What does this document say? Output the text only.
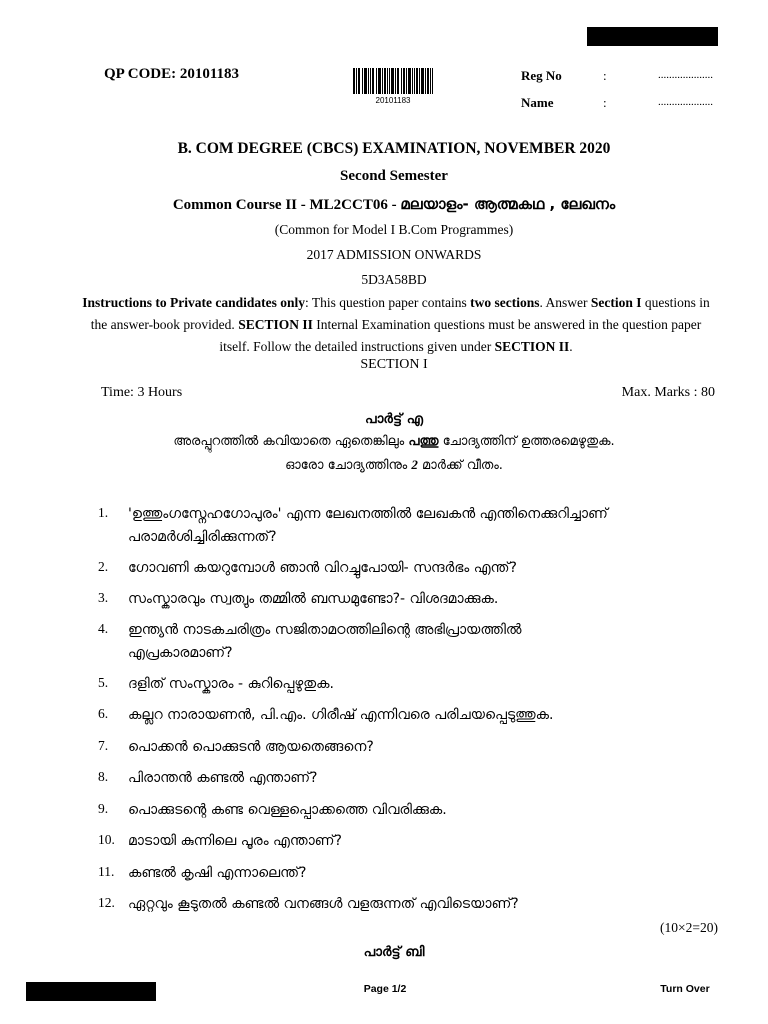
QP CODE: 20101183
20101183
Reg No	:	....................
Name	:	....................
B. COM DEGREE (CBCS) EXAMINATION, NOVEMBER 2020
Second Semester
Common Course II - ML2CCT06 - മലയാളം- ആത്മകഥ , ലേഖനം
(Common for Model I B.Com Programmes)
2017 ADMISSION ONWARDS
5D3A58BD
Instructions to Private candidates only: This question paper contains two sections. Answer Section I questions in the answer-book provided. SECTION II Internal Examination questions must be answered in the question paper itself. Follow the detailed instructions given under SECTION II.
SECTION I
Time: 3 Hours	Max. Marks : 80
പാർട്ട് എ
അരപ്പുറത്തിൽ കവിയാതെ ഏതെങ്കിലും പത്തു ചോദ്യത്തിന് ഉത്തരമെഴുതുക.
ഓരോ ചോദ്യത്തിനും 2 മാർക്ക് വീതം.
1.	'ഉത്തുംഗസ്നേഹഗോപുരം' എന്ന ലേഖനത്തിൽ ലേഖകൻ എന്തിനെക്കുറിച്ചാണ് പരാമർശിച്ചിരിക്കുന്നത്?
2.	ഗോവണി കയറുമ്പോൾ ഞാൻ വിറച്ചുപോയി- സന്ദർഭം എന്ത്?
3.	സംസ്കാരവും സ്വത്വും തമ്മിൽ ബന്ധമുണ്ടോ?- വിശദമാക്കുക.
4.	ഇന്ത്യൻ നാടകചരിത്രം സജിതാമഠത്തിലിന്റെ അഭിപ്രായത്തിൽ എപ്രകാരമാണ്?
5.	ദളിത് സംസ്കാരം - കുറിപ്പെഴുതുക.
6.	കല്ലറ നാരായണൻ, പി.എം. ഗിരീഷ് എന്നിവരെ പരിചയപ്പെടുത്തുക.
7.	പൊക്കൻ പൊക്കുടൻ ആയതെങ്ങനെ?
8.	പിരാന്തൻ കണ്ടൽ എന്താണ്?
9.	പൊക്കുടന്റെ കണ്ട വെള്ളപ്പൊക്കത്തെ വിവരിക്കുക.
10. മാടായി കുന്നിലെ പൂരം എന്താണ്?
11. കണ്ടൽ കൃഷി എന്നാലെന്ത്?
12. ഏറ്റവും കൂടുതൽ കണ്ടൽ വനങ്ങൾ വളരുന്നത് എവിടെയാണ്?
(10×2=20)
പാർട്ട് ബി
Page 1/2	Turn Over
